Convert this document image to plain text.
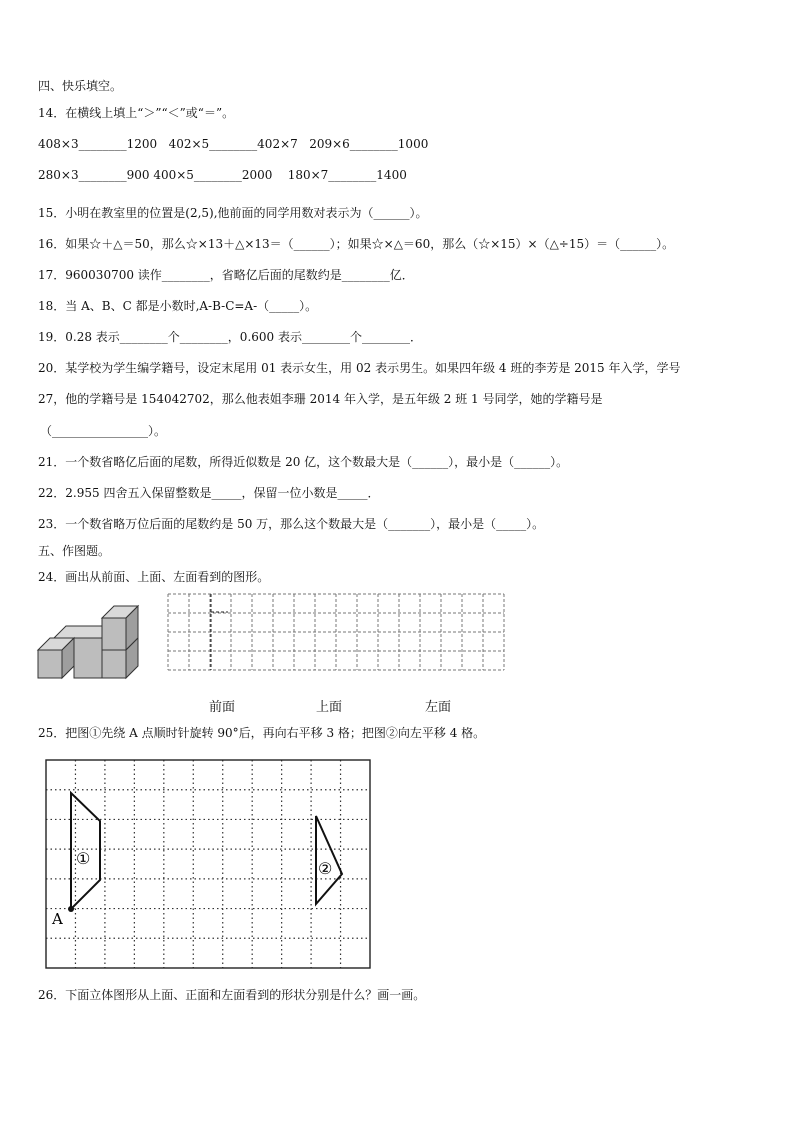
四、快乐填空。
14．在横线上填上“＞”“＜”或“＝”。
408×3________1200   402×5________402×7   209×6________1000
280×3________900 400×5________2000    180×7________1400
15．小明在教室里的位置是(2,5),他前面的同学用数对表示为（______）。
16．如果☆＋△＝50，那么☆×13＋△×13＝（______）；如果☆×△＝60，那么（☆×15）×（△÷15）＝（______）。
17．960030700 读作________，省略亿后面的尾数约是________亿．
18．当 A、B、C 都是小数时,A-B-C=A-（_____）。
19．0.28 表示________个________，0.600 表示________个________．
20．某学校为学生编学籍号，设定末尾用 01 表示女生，用 02 表示男生。如果四年级 4 班的李芳是 2015 年入学，学号
27，他的学籍号是 154042702，那么他表姐李珊 2014 年入学，是五年级 2 班 1 号同学，她的学籍号是
（________________）。
21．一个数省略亿后面的尾数，所得近似数是 20 亿，这个数最大是（______），最小是（______）。
22．2.955 四舍五入保留整数是_____，保留一位小数是_____．
23．一个数省略万位后面的尾数约是 50 万，那么这个数最大是（_______），最小是（_____）。
五、作图题。
24．画出从前面、上面、左面看到的图形。
前面	上面	左面
25．把图①先绕 A 点顺时针旋转 90°后，再向右平移 3 格；把图②向左平移 4 格。
①
②
A
26．下面立体图形从上面、正面和左面看到的形状分别是什么？画一画。
